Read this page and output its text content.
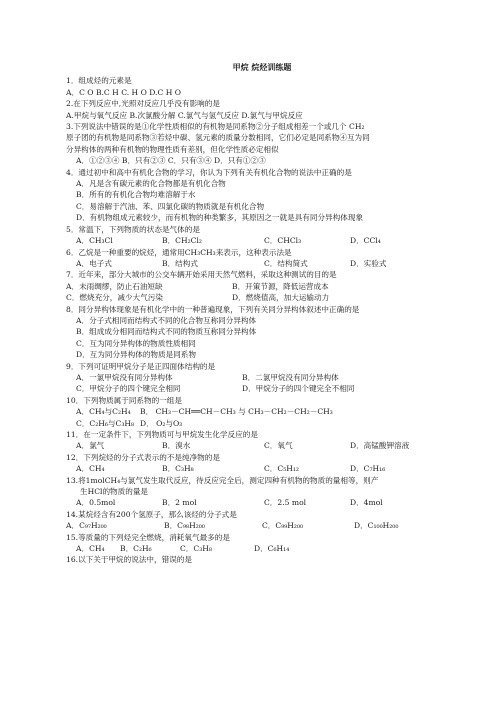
甲烷 烷烃训练题
1．组成烃的元素是
A．C O B.C H C. H O D.C H O
2.在下列反应中,光照对反应几乎没有影响的是
A.甲烷与氧气反应 B.次氯酸分解 C.氯气与氢气反应 D.氯气与甲烷反应
3.下列说法中错误的是①化学性质相似的有机物是同系物②分子组成相差一个或几个 CH₂
原子团的有机物是同系物③若烃中碳、氢元素的质量分数相同，它们必定是同系物④互为同
分异构体的两种有机物的物理性质有差别，但化学性质必定相似
A．①②③④ B．只有②③ C．只有③④ D．只有①②③
4．通过初中和高中有机化合物的学习，你认为下列有关有机化合物的说法中正确的是
A．凡是含有碳元素的化合物都是有机化合物
B．所有的有机化合物均难溶解于水
C．易溶解于汽油、苯、四氯化碳的物质就是有机化合物
D．有机物组成元素较少，而有机物的种类繁多，其原因之一就是具有同分异构体现象
5．常温下，下列物质的状态是气体的是
A．CH₃Cl	B．CH₂Cl₂	C．CHCl₃	D．CCl₄
6．乙烷是一种重要的烷烃，通常用CH₃CH₃来表示，这种表示法是
A．电子式	B．结构式	C．结构简式	D．实验式
7．近年来，部分大城市的公交车辆开始采用天然气燃料，采取这种测试的目的是
A．未雨绸缪，防止石油短缺	B．开策节源，降低运营成本
C．燃烧充分，减少大气污染	D．燃烧值高，加大运输动力
8．同分异构体现象是有机化学中的一种普遍现象，下列有关同分异构体叙述中正确的是
A．分子式相同而结构式不同的化合物互称同分异构体
B．组成成分相同而结构式不同的物质互称同分异构体
C．互为同分异构体的物质性质相同
D．互为同分异构体的物质是同系物
9．下列可证明甲烷分子是正四面体结构的是
A．一氯甲烷没有同分异构体	B．二氯甲烷没有同分异构体
C．甲烷分子的四个键完全相同	D．甲烷分子的四个键完全不相同
10．下列物质属于同系物的一组是
A．CH₄与C₂H₄	B． CH₃－CH══CH－CH₃ 与 CH₃－CH₂－CH₂－CH₃
C．C₂H₆与C₃H₈ D． O₂与O₃
11．在一定条件下，下列物质可与甲烷发生化学反应的是
A．氯气	B．溴水	C．氧气	D．高锰酸钾溶液
12．下列烷烃的分子式表示的不是纯净物的是
A．CH₄	B．C₃H₈	C．C₅H₁₂	D．C₇H₁₆
13.将1molCH₄与氯气发生取代反应，待反应完全后，测定四种有机物的物质的量相等，则产
生HCl的物质的量是
A．0.5mol	B．2 mol	C．2.5 mol	D．4mol
14.某烷烃含有200个氢原子，那么该烃的分子式是
A．C₉₇H₂₀₀	B．C₉₈H₂₀₀	C．C₉₉H₂₀₀	D．C₁₀₀H₂₀₀
15.等质量的下列烃完全燃烧，消耗氧气最多的是
A．CH₄	B．C₂H₆	C．C₃H₈	D．C₆H₁₄
16.以下关于甲烷的说法中，错误的是
